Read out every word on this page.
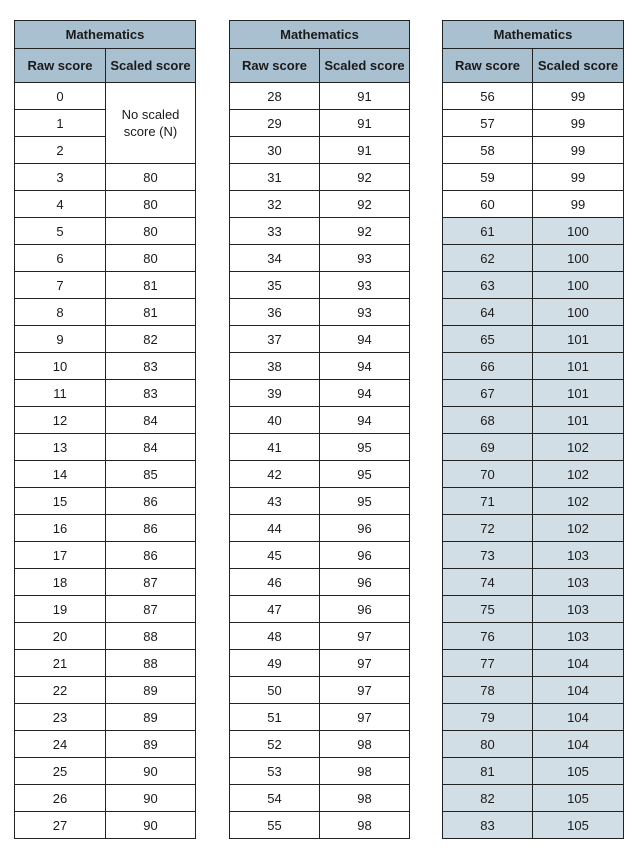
Mathematics	
Raw score	Scaled score
0	No scaled score (N)
1	
2	
3	80
4	80
5	80
6	80
7	81
8	81
9	82
10	83
11	83
12	84
13	84
14	85
15	86
16	86
17	86
18	87
19	87
20	88
21	88
22	89
23	89
24	89
25	90
26	90
27	90
Mathematics	
Raw score	Scaled score
28	91
29	91
30	91
31	92
32	92
33	92
34	93
35	93
36	93
37	94
38	94
39	94
40	94
41	95
42	95
43	95
44	96
45	96
46	96
47	96
48	97
49	97
50	97
51	97
52	98
53	98
54	98
55	98
Mathematics	
Raw score	Scaled score
56	99
57	99
58	99
59	99
60	99
61	100
62	100
63	100
64	100
65	101
66	101
67	101
68	101
69	102
70	102
71	102
72	102
73	103
74	103
75	103
76	103
77	104
78	104
79	104
80	104
81	105
82	105
83	105
